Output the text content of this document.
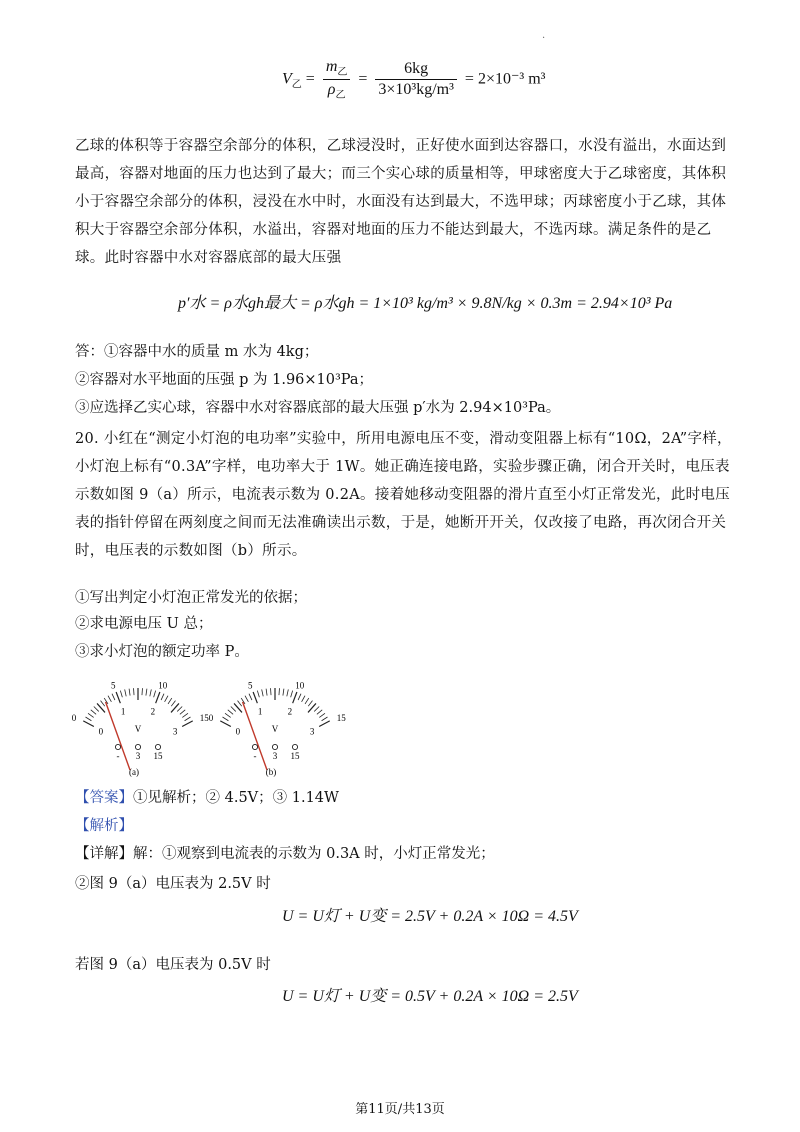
.
$V_乙 = \frac{m_乙}{\rho_乙} = \frac{6kg}{\text{3×10³kg/m³}} = 2\times 10^{-3}$ m³
乙球的体积等于容器空余部分的体积，乙球浸没时，正好使水面到达容器口，水没有溢出，水面达到最高，容器对地面的压力也达到了最大；而三个实心球的质量相等，甲球密度大于乙球密度，其体积小于容器空余部分的体积，浸没在水中时，水面没有达到最大，不选甲球；丙球密度小于乙球，其体积大于容器空余部分体积，水溢出，容器对地面的压力不能达到最大，不选丙球。满足条件的是乙球。此时容器中水对容器底部的最大压强
p′水 = ρ水gh最大 = ρ水gh = 1×10³ kg/m³ × 9.8N/kg × 0.3m = 2.94×10³ Pa
答：①容器中水的质量 m 水为 4kg；
②容器对水平地面的压强 p 为 1.96×10³Pa；
③应选择乙实心球，容器中水对容器底部的最大压强 p′水为 2.94×10³Pa。
20. 小红在“测定小灯泡的电功率”实验中，所用电源电压不变，滑动变阻器上标有“10Ω，2A”字样，小灯泡上标有“0.3A”字样，电功率大于 1W。她正确连接电路，实验步骤正确，闭合开关时，电压表示数如图 9（a）所示，电流表示数为 0.2A。接着她移动变阻器的滑片直至小灯正常发光，此时电压表的指针停留在两刻度之间而无法准确读出示数，于是，她断开开关，仅改接了电路，再次闭合开关时，电压表的示数如图（b）所示。
①写出判定小灯泡正常发光的依据；
②求电源电压 U 总；
③求小灯泡的额定功率 P。
0
5	10
15
0
1	2
3
V
- 3 15
(a)
0
5	10
15
0
1	2
3
V
- 3 15
(b)
【答案】①见解析；② 4.5V；③ 1.14W
【解析】
【详解】解：①观察到电流表的示数为 0.3A 时，小灯正常发光；
②图 9（a）电压表为 2.5V 时
U = U灯 + U变 = 2.5V + 0.2A × 10Ω = 4.5V
若图 9（a）电压表为 0.5V 时
U = U灯 + U变 = 0.5V + 0.2A × 10Ω = 2.5V
第11页/共13页
